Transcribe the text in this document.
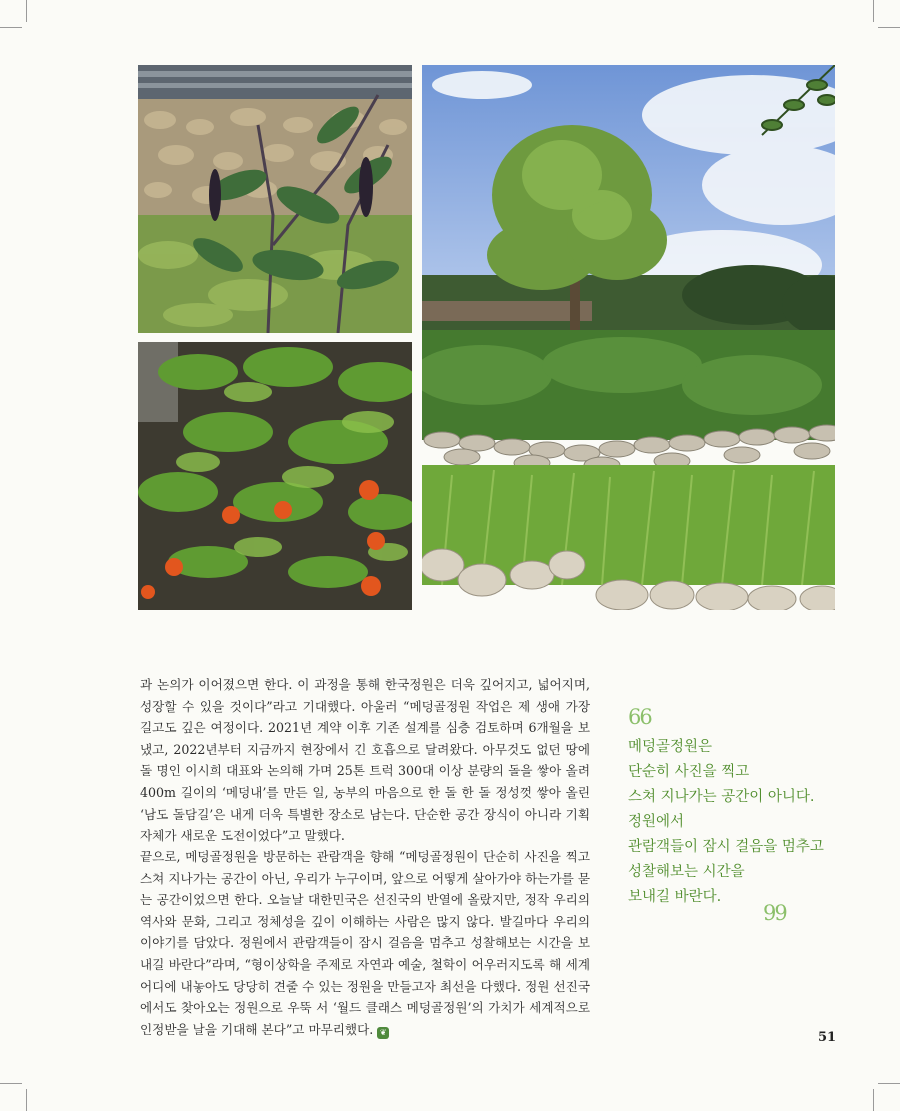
과 논의가 이어졌으면 한다. 이 과정을 통해 한국정원은 더욱 깊어지고, 넓어지며, 성장할 수 있을 것이다”라고 기대했다. 아울러 “메덩골정원 작업은 제 생애 가장 길고도 깊은 여정이다. 2021년 계약 이후 기존 설계를 심층 검토하며 6개월을 보냈고, 2022년부터 지금까지 현장에서 긴 호흡으로 달려왔다. 아무것도 없던 땅에 돌 명인 이시희 대표와 논의해 가며 25톤 트럭 300대 이상 분량의 돌을 쌓아 올려 400m 길이의 ‘메덩내’를 만든 일, 농부의 마음으로 한 돌 한 돌 정성껏 쌓아 올린 ‘남도 돌담길’은 내게 더욱 특별한 장소로 남는다. 단순한 공간 장식이 아니라 기획 자체가 새로운 도전이었다”고 말했다.

끝으로, 메덩골정원을 방문하는 관람객을 향해 “메덩골정원이 단순히 사진을 찍고 스쳐 지나가는 공간이 아닌, 우리가 누구이며, 앞으로 어떻게 살아가야 하는가를 묻는 공간이었으면 한다. 오늘날 대한민국은 선진국의 반열에 올랐지만, 정작 우리의 역사와 문화, 그리고 정체성을 깊이 이해하는 사람은 많지 않다. 발길마다 우리의 이야기를 담았다. 정원에서 관람객들이 잠시 걸음을 멈추고 성찰해보는 시간을 보내길 바란다”라며, “형이상학을 주제로 자연과 예술, 철학이 어우러지도록 해 세계 어디에 내놓아도 당당히 견줄 수 있는 정원을 만들고자 최선을 다했다. 정원 선진국에서도 찾아오는 정원으로 우뚝 서 ‘월드 클래스 메덩골정원’의 가치가 세계적으로 인정받을 날을 기대해 본다”고 마무리했다. ❦

66
메덩골정원은
단순히 사진을 찍고
스쳐 지나가는 공간이 아니다.
정원에서
관람객들이 잠시 걸음을 멈추고
성찰해보는 시간을
보내길 바란다.
99
51
